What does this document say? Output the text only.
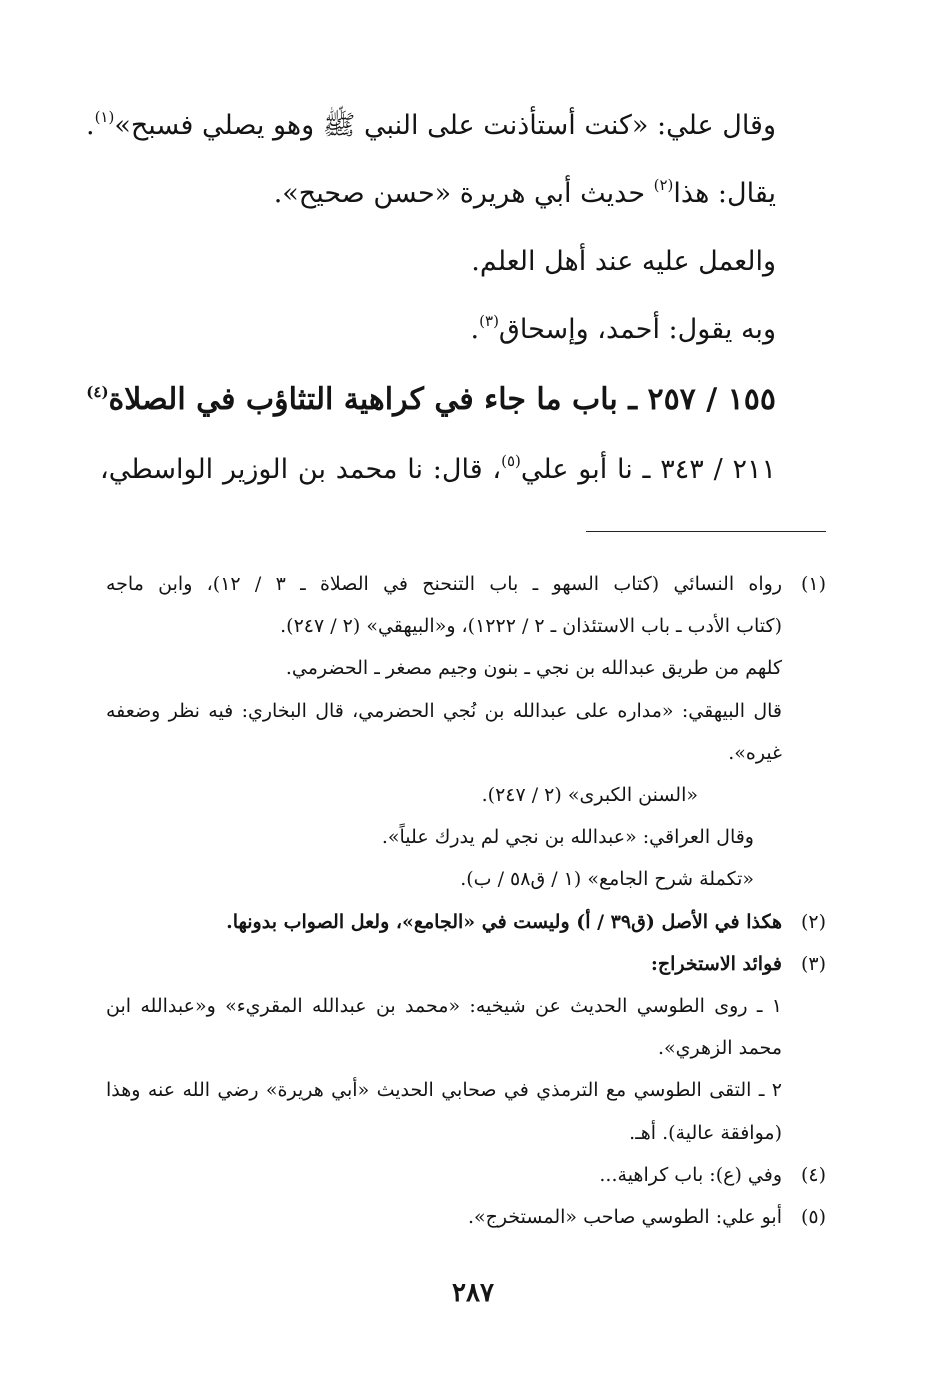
وقال علي: «كنت أستأذنت على النبي ﷺ وهو يصلي فسبح»$^{(١)}$.

يقال: هذا$^{(٢)}$ حديث أبي هريرة «حسن صحيح».

والعمل عليه عند أهل العلم.

وبه يقول: أحمد، وإسحاق$^{(٣)}$.

١٥٥ / ٢٥٧ ـ باب ما جاء في كراهية التثاؤب في الصلاة$^{(٤)}$

٢١١ / ٣٤٣ ـ نا أبو علي$^{(٥)}$، قال: نا محمد بن الوزير الواسطي،

(١)رواه النسائي (كتاب السهو ـ باب التنحنح في الصلاة ـ ٣ / ١٢)، وابن ماجه
(كتاب الأدب ـ باب الاستئذان ـ ٢ / ١٢٢٢)، و«البيهقي» (٢ / ٢٤٧).
كلهم من طريق عبدالله بن نجي ـ بنون وجيم مصغر ـ الحضرمي.
قال البيهقي: «مداره على عبدالله بن نُجي الحضرمي، قال البخاري: فيه نظر وضعفه
غيره».
«السنن الكبرى» (٢ / ٢٤٧).
وقال العراقي: «عبدالله بن نجي لم يدرك علياً».
«تكملة شرح الجامع» (١ / ق٥٨ / ب).
(٢)هكذا في الأصل (ق٣٩ / أ) وليست في «الجامع»، ولعل الصواب بدونها.
(٣)فوائد الاستخراج:
١ ـ روى الطوسي الحديث عن شيخيه: «محمد بن عبدالله المقريء» و«عبدالله ابن
محمد الزهري».
٢ ـ التقى الطوسي مع الترمذي في صحابي الحديث «أبي هريرة» رضي الله عنه وهذا
(موافقة عالية). أهـ.
(٤)وفي (ع): باب كراهية...
(٥)أبو علي: الطوسي صاحب «المستخرج».
٢٨٧
